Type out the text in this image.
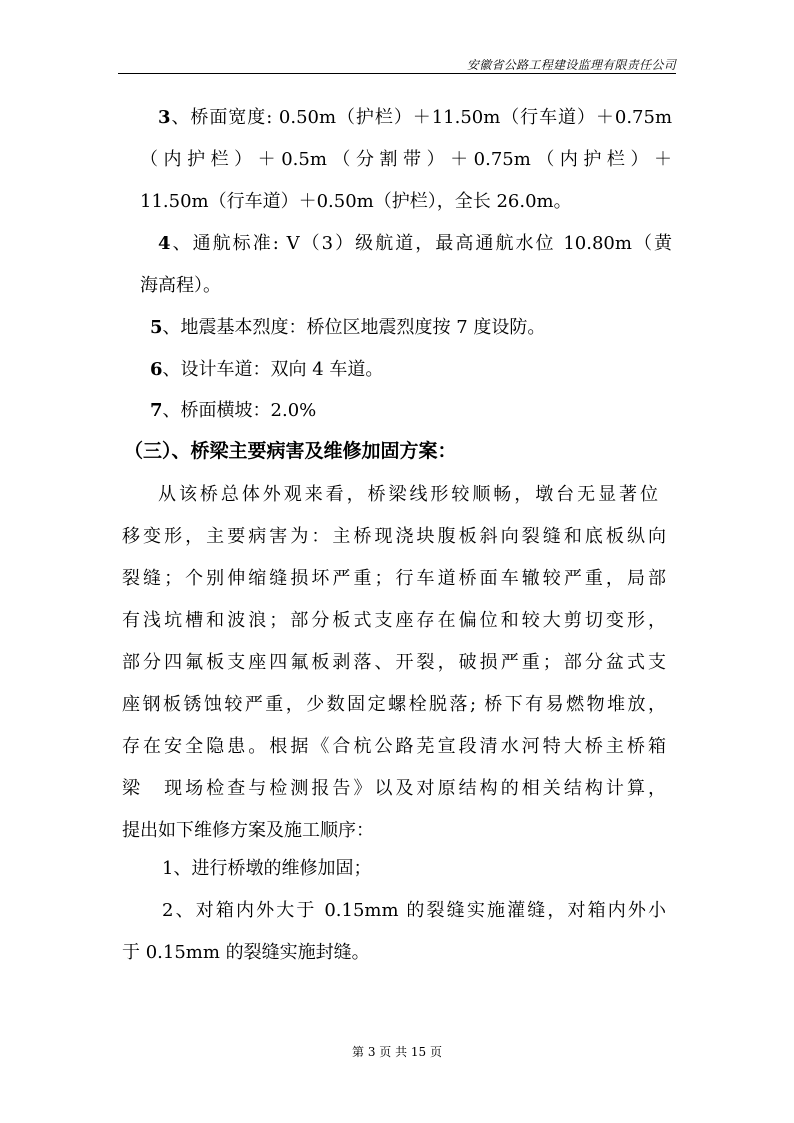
安徽省公路工程建设监理有限责任公司
3、桥面宽度: 0.50m（护栏）＋11.50m（行车道）＋0.75m
（内护栏）＋0.5m（分割带）＋0.75m（内护栏）＋
11.50m（行车道）＋0.50m（护栏），全长 26.0m。
4、通航标准: V（3）级航道，最高通航水位 10.80m（黄
海高程）。
5、地震基本烈度：桥位区地震烈度按 7 度设防。
6、设计车道：双向 4 车道。
7、桥面横坡：2.0%
（三）、桥梁主要病害及维修加固方案：
从该桥总体外观来看，桥梁线形较顺畅，墩台无显著位
移变形，主要病害为：主桥现浇块腹板斜向裂缝和底板纵向
裂缝；个别伸缩缝损坏严重；行车道桥面车辙较严重，局部
有浅坑槽和波浪；部分板式支座存在偏位和较大剪切变形，
部分四氟板支座四氟板剥落、开裂，破损严重；部分盆式支
座钢板锈蚀较严重，少数固定螺栓脱落; 桥下有易燃物堆放，
存在安全隐患。根据《合杭公路芜宣段清水河特大桥主桥箱
梁　现场检查与检测报告》以及对原结构的相关结构计算，
提出如下维修方案及施工顺序：
1、进行桥墩的维修加固；
2、对箱内外大于 0.15mm 的裂缝实施灌缝，对箱内外小
于 0.15mm 的裂缝实施封缝。
第 3 页 共 15 页
